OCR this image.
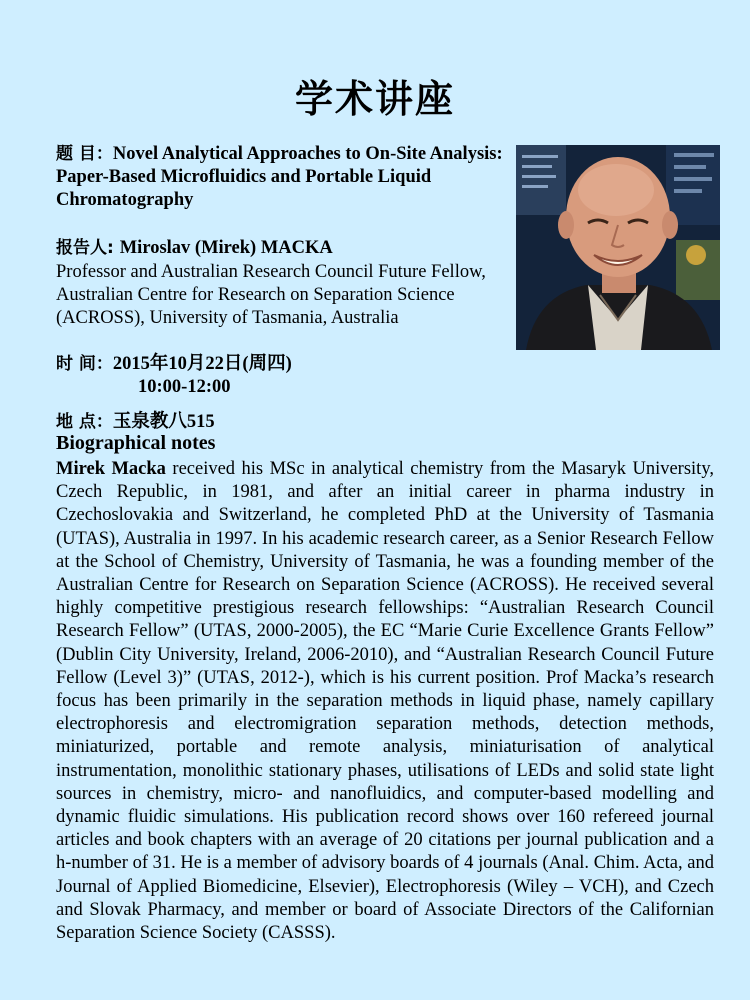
学术讲座
题 目：Novel Analytical Approaches to On-Site Analysis: Paper-Based Microfluidics and Portable Liquid Chromatography
报告人: Miroslav (Mirek) MACKA
Professor and Australian Research Council Future Fellow, Australian Centre for Research on Separation Science (ACROSS), University of Tasmania, Australia
时 间：2015年10月22日(周四)
10:00-12:00
地 点：玉泉教八515
Biographical notes
Mirek Macka received his MSc in analytical chemistry from the Masaryk University, Czech Republic, in 1981, and after an initial career in pharma industry in Czechoslovakia and Switzerland, he completed PhD at the University of Tasmania (UTAS), Australia in 1997. In his academic research career, as a Senior Research Fellow at the School of Chemistry, University of Tasmania, he was a founding member of the Australian Centre for Research on Separation Science (ACROSS). He received several highly competitive prestigious research fellowships: “Australian Research Council Research Fellow” (UTAS, 2000-2005), the EC “Marie Curie Excellence Grants Fellow” (Dublin City University, Ireland, 2006-2010), and “Australian Research Council Future Fellow (Level 3)” (UTAS, 2012-), which is his current position. Prof Macka’s research focus has been primarily in the separation methods in liquid phase, namely capillary electrophoresis and electromigration separation methods, detection methods, miniaturized, portable and remote analysis, miniaturisation of analytical instrumentation, monolithic stationary phases, utilisations of LEDs and solid state light sources in chemistry, micro- and nanofluidics, and computer-based modelling and dynamic fluidic simulations. His publication record shows over 160 refereed journal articles and book chapters with an average of 20 citations per journal publication and a h-number of 31. He is a member of advisory boards of 4 journals (Anal. Chim. Acta, and Journal of Applied Biomedicine, Elsevier), Electrophoresis (Wiley – VCH), and Czech and Slovak Pharmacy, and member or board of Associate Directors of the Californian Separation Science Society (CASSS).
